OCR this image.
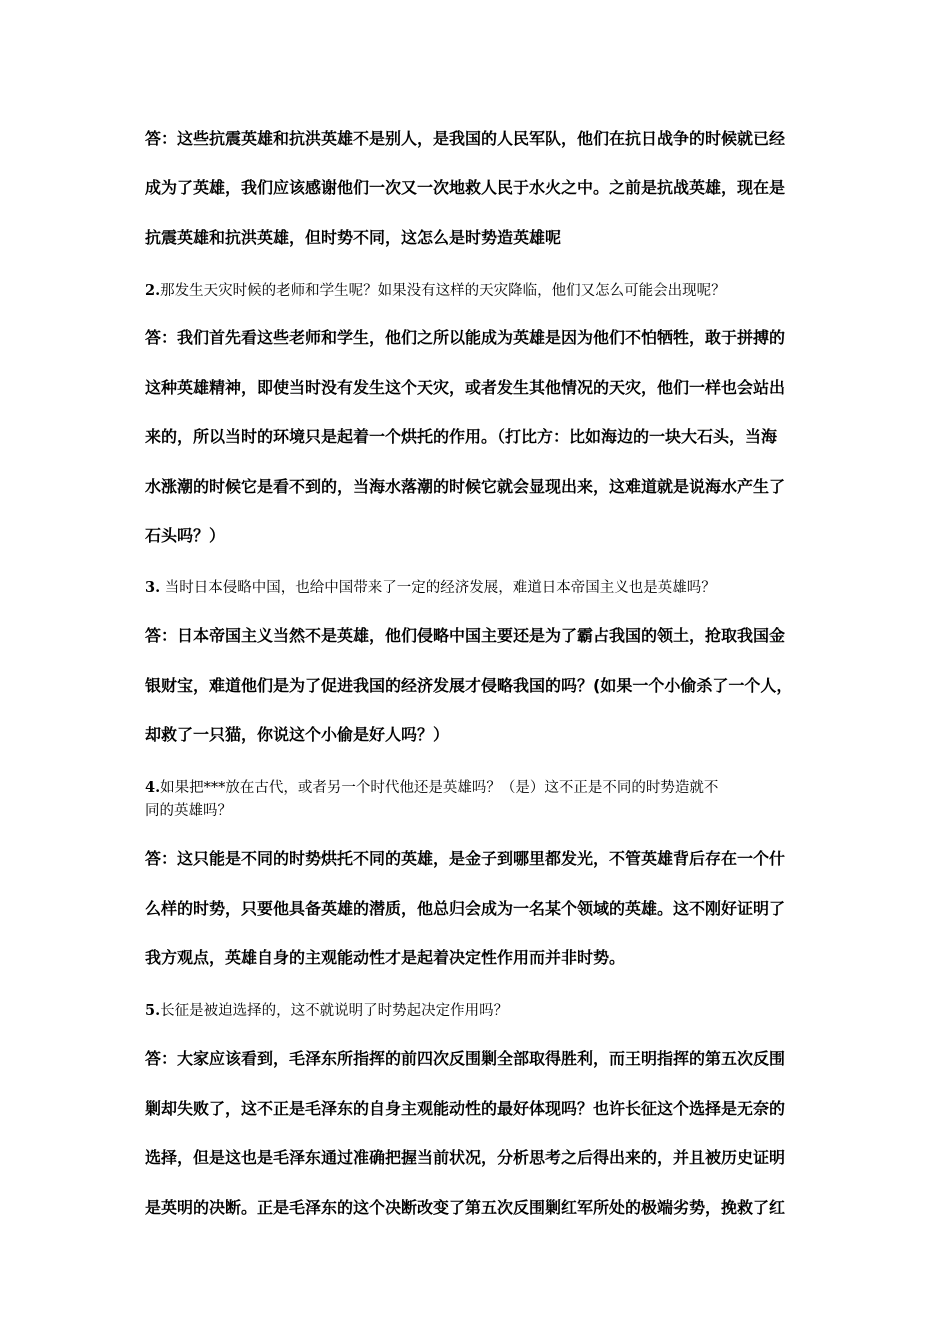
答：这些抗震英雄和抗洪英雄不是别人，是我国的人民军队，他们在抗日战争的时候就已经
成为了英雄，我们应该感谢他们一次又一次地救人民于水火之中。之前是抗战英雄，现在是
抗震英雄和抗洪英雄，但时势不同，这怎么是时势造英雄呢
2.那发生天灾时候的老师和学生呢？如果没有这样的天灾降临，他们又怎么可能会出现呢？
答：我们首先看这些老师和学生，他们之所以能成为英雄是因为他们不怕牺牲，敢于拼搏的
这种英雄精神，即使当时没有发生这个天灾，或者发生其他情况的天灾，他们一样也会站出
来的，所以当时的环境只是起着一个烘托的作用。（打比方：比如海边的一块大石头，当海
水涨潮的时候它是看不到的，当海水落潮的时候它就会显现出来，这难道就是说海水产生了
石头吗？）
3. 当时日本侵略中国，也给中国带来了一定的经济发展，难道日本帝国主义也是英雄吗？
答：日本帝国主义当然不是英雄，他们侵略中国主要还是为了霸占我国的领土，抢取我国金
银财宝，难道他们是为了促进我国的经济发展才侵略我国的吗？(如果一个小偷杀了一个人，
却救了一只猫，你说这个小偷是好人吗？）
4.如果把***放在古代，或者另一个时代他还是英雄吗？（是）这不正是不同的时势造就不
同的英雄吗？
答：这只能是不同的时势烘托不同的英雄，是金子到哪里都发光，不管英雄背后存在一个什
么样的时势，只要他具备英雄的潜质，他总归会成为一名某个领域的英雄。这不刚好证明了
我方观点，英雄自身的主观能动性才是起着决定性作用而并非时势。
5.长征是被迫选择的，这不就说明了时势起决定作用吗？
答：大家应该看到，毛泽东所指挥的前四次反围剿全部取得胜利，而王明指挥的第五次反围
剿却失败了，这不正是毛泽东的自身主观能动性的最好体现吗？也许长征这个选择是无奈的
选择，但是这也是毛泽东通过准确把握当前状况，分析思考之后得出来的，并且被历史证明
是英明的决断。正是毛泽东的这个决断改变了第五次反围剿红军所处的极端劣势，挽救了红
